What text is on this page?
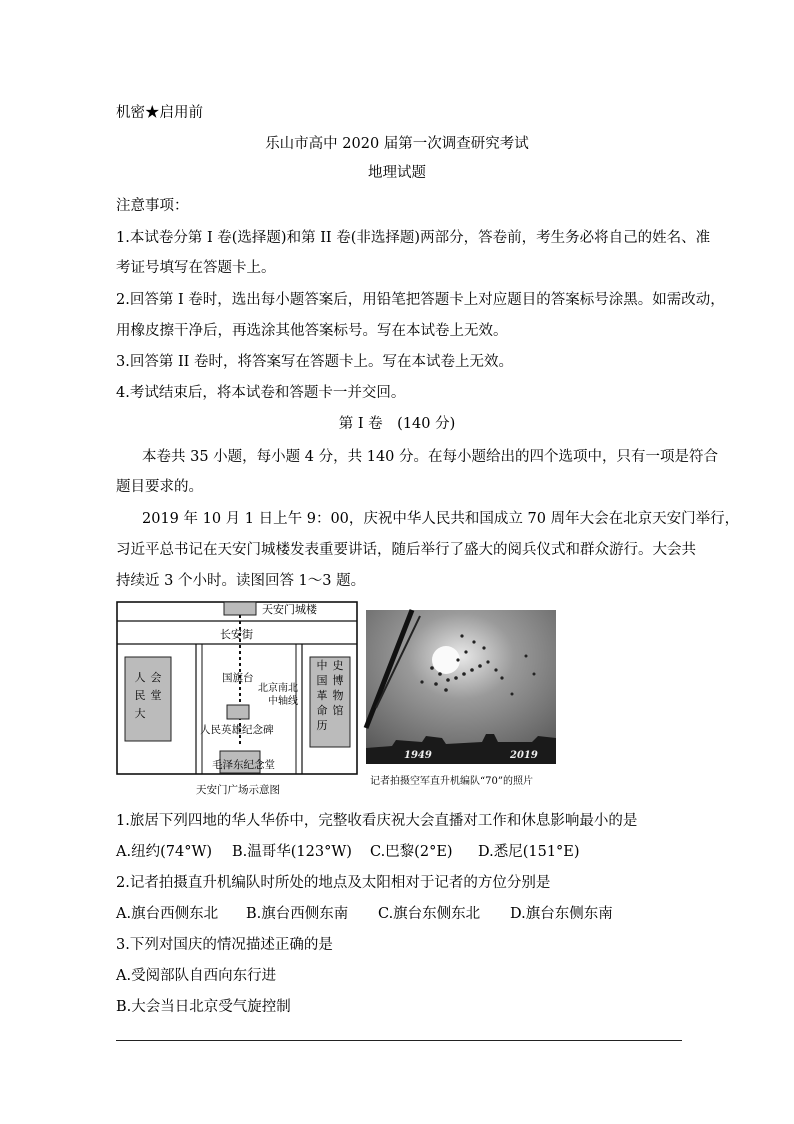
机密★启用前
乐山市高中 2020 届第一次调查研究考试
地理试题
注意事项：
1.本试卷分第 I 卷(选择题)和第 II 卷(非选择题)两部分，答卷前，考生务必将自己的姓名、准
考证号填写在答题卡上。
2.回答第 I 卷时，选出每小题答案后，用铅笔把答题卡上对应题目的答案标号涂黑。如需改动，
用橡皮擦干净后，再选涂其他答案标号。写在本试卷上无效。
3.回答第 II 卷时，将答案写在答题卡上。写在本试卷上无效。
4.考试结束后，将本试卷和答题卡一并交回。
第 I 卷　(140 分)
本卷共 35 小题，每小题 4 分，共 140 分。在每小题给出的四个选项中，只有一项是符合
题目要求的。
2019 年 10 月 1 日上午 9：00，庆祝中华人民共和国成立 70 周年大会在北京天安门举行，
习近平总书记在天安门城楼发表重要讲话，随后举行了盛大的阅兵仪式和群众游行。大会共
持续近 3 个小时。读图回答 1～3 题。
天安门城楼
长安街
人民大会堂
中国革命历史博物馆
国旗台
北京南北中轴线
人民英雄纪念碑
毛泽东纪念堂
天安门广场示意图
1949	2019
记者拍摄空军直升机编队“70”的照片
1.旅居下列四地的华人华侨中，完整收看庆祝大会直播对工作和休息影响最小的是
A.纽约(74°W) B.温哥华(123°W) C.巴黎(2°E) D.悉尼(151°E)
2.记者拍摄直升机编队时所处的地点及太阳相对于记者的方位分别是
A.旗台西侧东北 B.旗台西侧东南 C.旗台东侧东北 D.旗台东侧东南
3.下列对国庆的情况描述正确的是
A.受阅部队自西向东行进
B.大会当日北京受气旋控制
